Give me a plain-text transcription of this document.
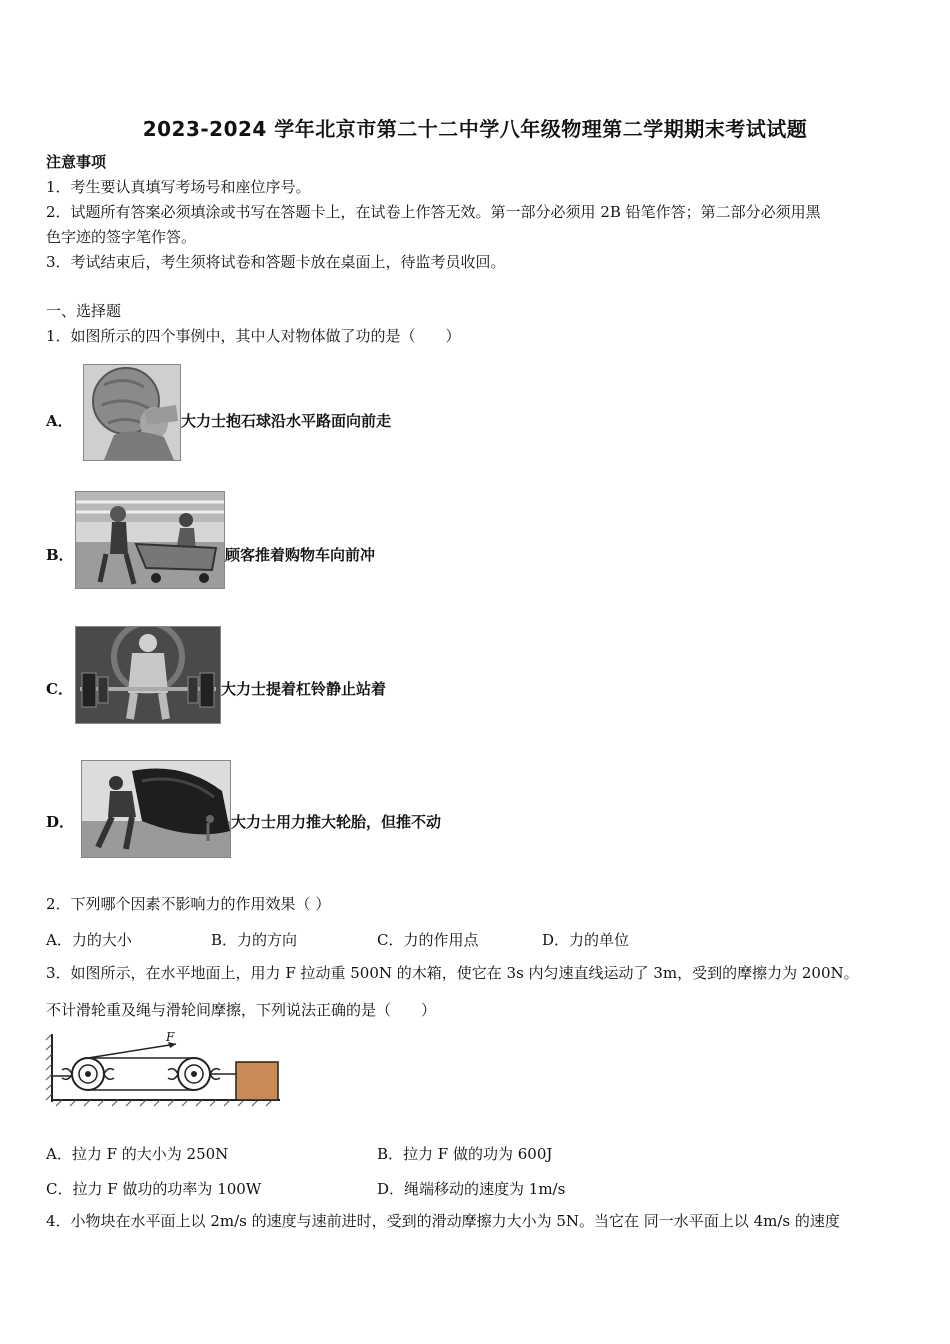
2023-2024 学年北京市第二十二中学八年级物理第二学期期末考试试题
注意事项
1．考生要认真填写考场号和座位序号。
2．试题所有答案必须填涂或书写在答题卡上，在试卷上作答无效。第一部分必须用 2B 铅笔作答；第二部分必须用黑
色字迹的签字笔作答。
3．考试结束后，考生须将试卷和答题卡放在桌面上，待监考员收回。
一、选择题
1．如图所示的四个事例中，其中人对物体做了功的是（　　）
A．	大力士抱石球沿水平路面向前走
B．	顾客推着购物车向前冲
C．	大力士提着杠铃静止站着
D．	大力士用力推大轮胎，但推不动
2．下列哪个因素不影响力的作用效果（ ）
A．力的大小	B．力的方向	C．力的作用点	D．力的单位
3．如图所示，在水平地面上，用力 F 拉动重 500N 的木箱，使它在 3s 内匀速直线运动了 3m，受到的摩擦力为 200N。
不计滑轮重及绳与滑轮间摩擦，下列说法正确的是（　　）
F
A．拉力 F 的大小为 250N	B．拉力 F 做的功为 600J
C．拉力 F 做功的功率为 100W	D．绳端移动的速度为 1m/s
4．小物块在水平面上以 2m/s 的速度与速前进时，受到的滑动摩擦力大小为 5N。当它在 同一水平面上以 4m/s 的速度
